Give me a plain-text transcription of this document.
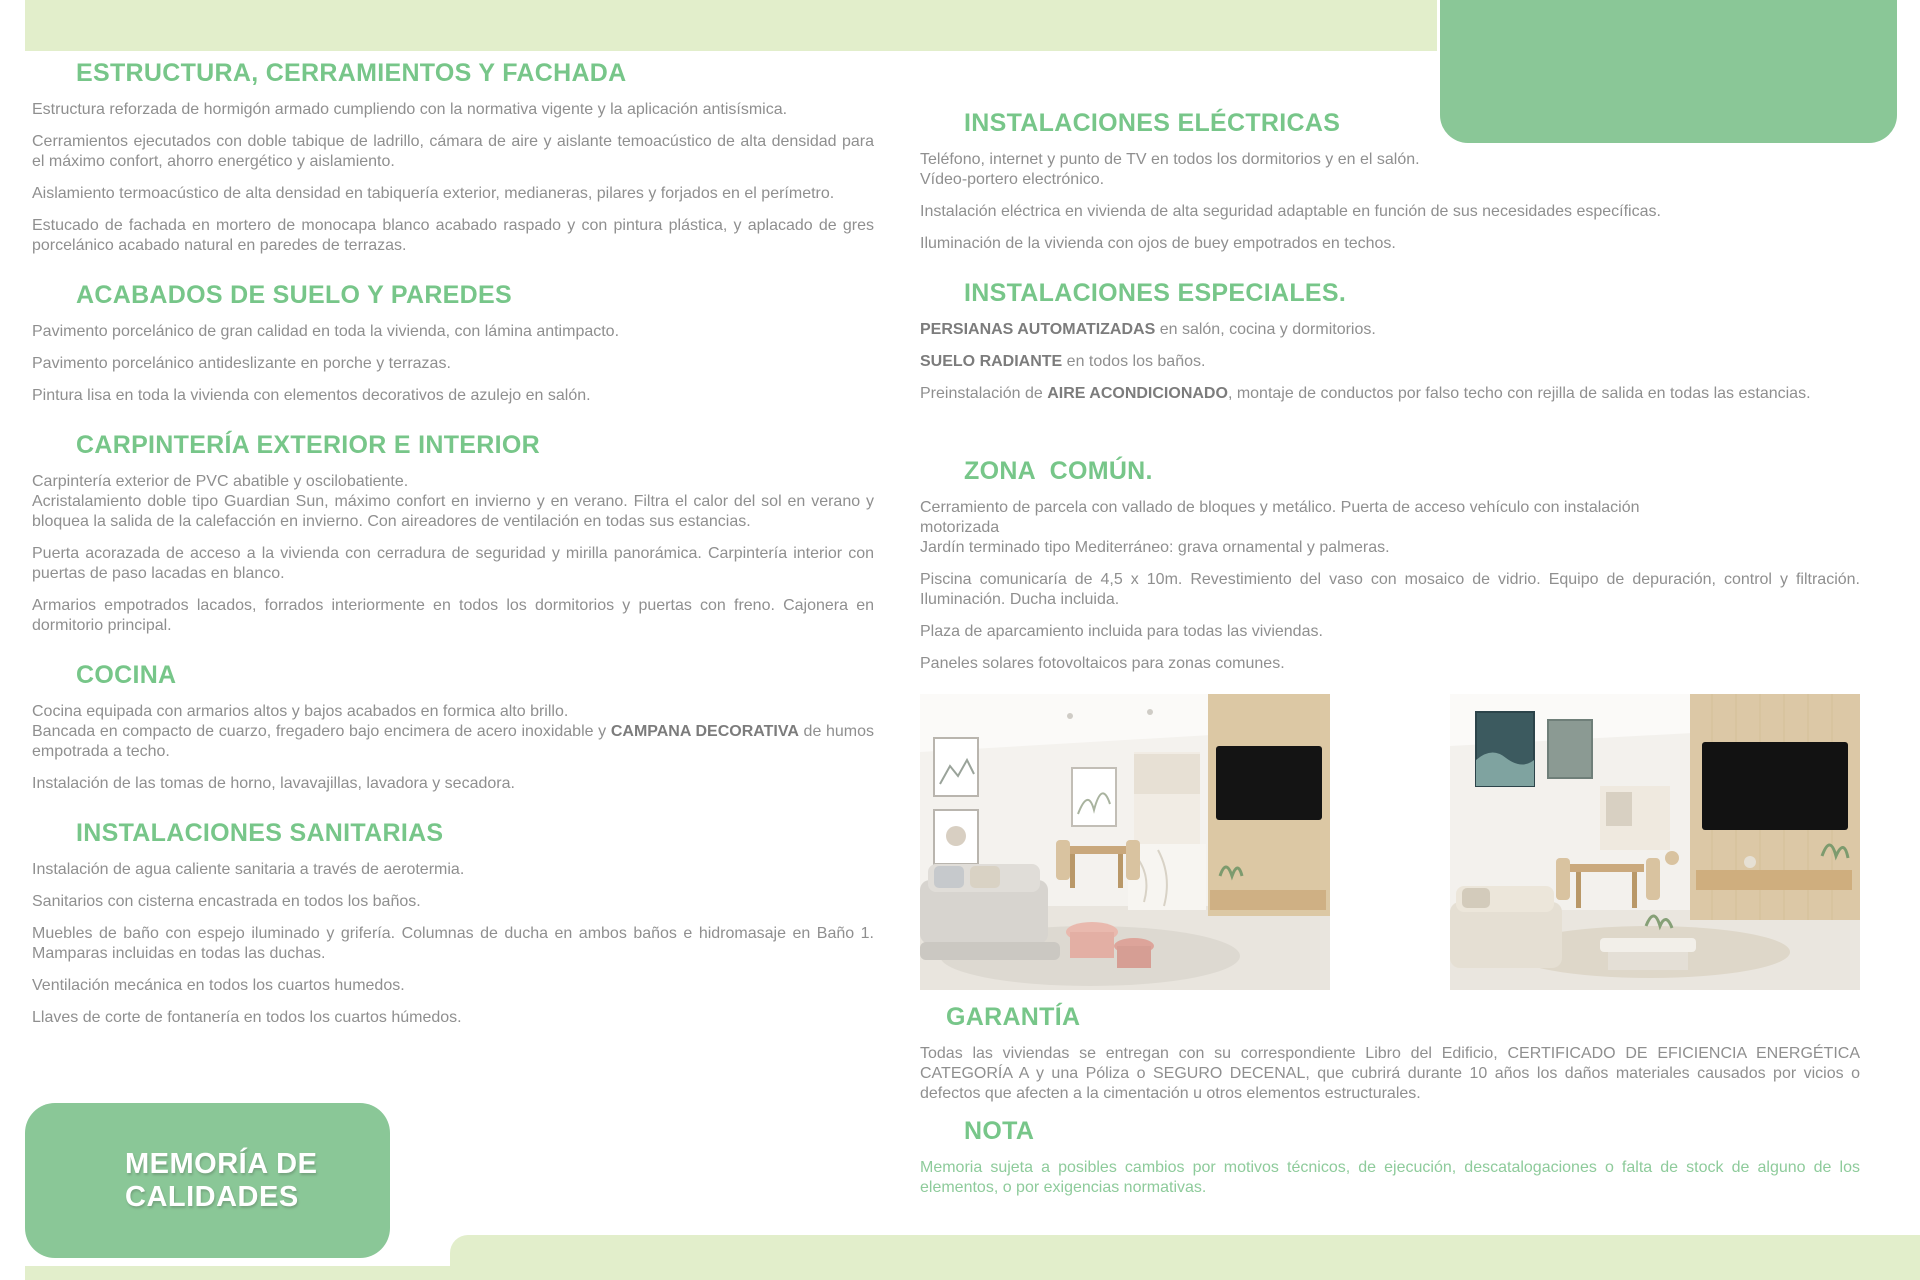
ESTRUCTURA, CERRAMIENTOS Y FACHADA

Estructura reforzada de hormigón armado cumpliendo con la normativa vigente y la aplicación antisísmica.

Cerramientos ejecutados con doble tabique de ladrillo, cámara de aire y aislante temoacústico de alta densidad para el máximo confort, ahorro energético y aislamiento.

Aislamiento termoacústico de alta densidad en tabiquería exterior, medianeras, pilares y forjados en el perímetro.

Estucado de fachada en mortero de monocapa blanco acabado raspado y con pintura plástica, y aplacado de gres porcelánico acabado natural en paredes de terrazas.

ACABADOS DE SUELO Y PAREDES

Pavimento porcelánico de gran calidad en toda la vivienda, con lámina antimpacto.

Pavimento porcelánico antideslizante en porche y terrazas.

Pintura lisa en toda la vivienda con elementos decorativos de azulejo en salón.

CARPINTERÍA EXTERIOR E INTERIOR

Carpintería exterior de PVC abatible y oscilobatiente.
Acristalamiento doble tipo Guardian Sun, máximo confort en invierno y en verano. Filtra el calor del sol en verano y bloquea la salida de la calefacción en invierno. Con aireadores de ventilación en todas sus estancias.

Puerta acorazada de acceso a la vivienda con cerradura de seguridad y mirilla panorámica. Carpintería interior con puertas de paso lacadas en blanco.

Armarios empotrados lacados, forrados interiormente en todos los dormitorios y puertas con freno. Cajonera en dormitorio principal.

COCINA

Cocina equipada con armarios altos y bajos acabados en formica alto brillo.
Bancada en compacto de cuarzo, fregadero bajo encimera de acero inoxidable y CAMPANA DECORATIVA de humos empotrada a techo.

Instalación de las tomas de horno, lavavajillas, lavadora y secadora.

INSTALACIONES SANITARIAS

Instalación de agua caliente sanitaria a través de aerotermia.

Sanitarios con cisterna encastrada en todos los baños.

Muebles de baño con espejo iluminado y grifería. Columnas de ducha en ambos baños e hidromasaje en Baño 1. Mamparas incluidas en todas las duchas.

Ventilación mecánica en todos los cuartos humedos.

Llaves de corte de fontanería en todos los cuartos húmedos.

INSTALACIONES ELÉCTRICAS

Teléfono, internet y punto de TV en todos los dormitorios y en el salón.
Vídeo-portero electrónico.

Instalación eléctrica en vivienda de alta seguridad adaptable en función de sus necesidades específicas.

Iluminación de la vivienda con ojos de buey empotrados en techos.

INSTALACIONES ESPECIALES.

PERSIANAS AUTOMATIZADAS en salón, cocina y dormitorios.

SUELO RADIANTE en todos los baños.

Preinstalación de AIRE ACONDICIONADO, montaje de conductos por falso techo con rejilla de salida en todas las estancias.

ZONA  COMÚN.

Cerramiento de parcela con vallado de bloques y metálico. Puerta de acceso vehículo con instalación
motorizada
Jardín terminado tipo Mediterráneo: grava ornamental y palmeras.

Piscina comunicaría de 4,5 x 10m. Revestimiento del vaso con mosaico de vidrio. Equipo de depuración, control y filtración. Iluminación. Ducha incluida.

Plaza de aparcamiento incluida para todas las viviendas.

Paneles solares fotovoltaicos para zonas comunes.

GARANTÍA

Todas las viviendas se entregan con su correspondiente Libro del Edificio, CERTIFICADO DE EFICIENCIA ENERGÉTICA CATEGORÍA A y una Póliza o SEGURO DECENAL, que cubrirá durante 10 años los daños materiales causados por vicios o defectos que afecten a la cimentación u otros elementos estructurales.

NOTA

Memoria sujeta a posibles cambios por motivos técnicos, de ejecución, descatalogaciones o falta de stock de alguno de los elementos, o por exigencias normativas.

MEMORÍA DE
CALIDADES
